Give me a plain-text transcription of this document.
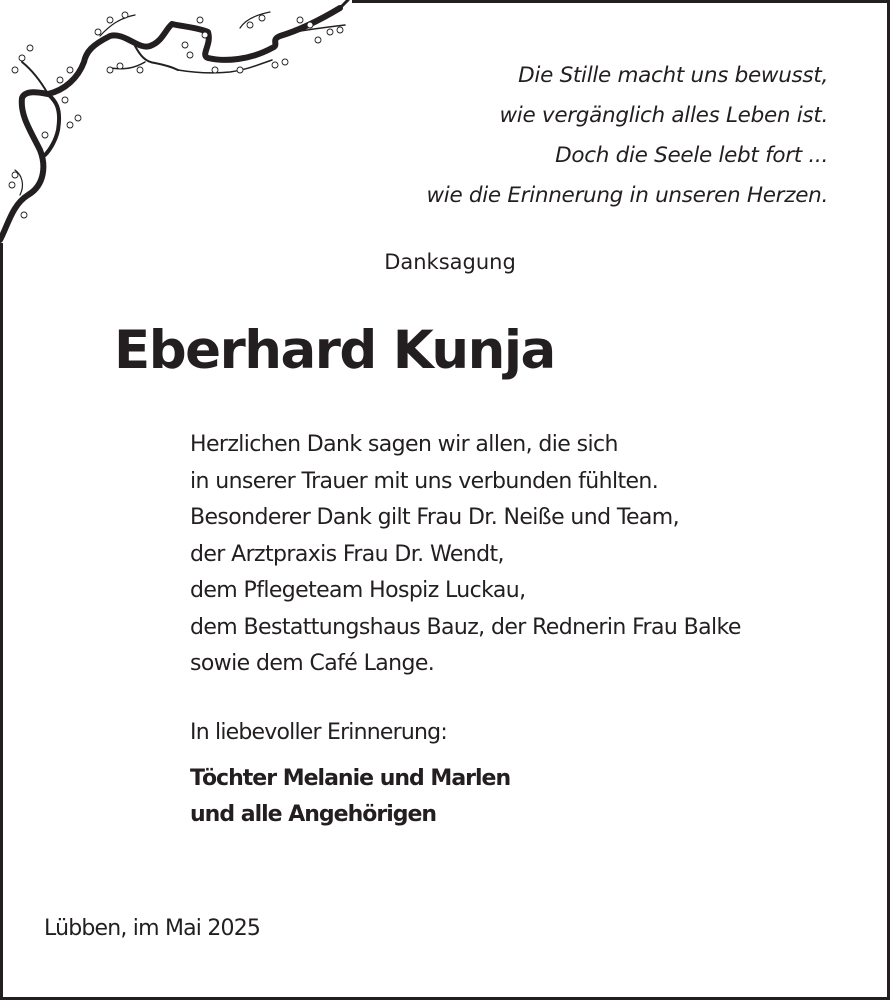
Die Stille macht uns bewusst,
wie vergänglich alles Leben ist.
Doch die Seele lebt fort ...
wie die Erinnerung in unseren Herzen.
Danksagung
Eberhard Kunja
Herzlichen Dank sagen wir allen, die sich
in unserer Trauer mit uns verbunden fühlten.
Besonderer Dank gilt Frau Dr. Neiße und Team,
der Arztpraxis Frau Dr. Wendt,
dem Pflegeteam Hospiz Luckau,
dem Bestattungshaus Bauz, der Rednerin Frau Balke
sowie dem Café Lange.
In liebevoller Erinnerung:
Töchter Melanie und Marlen
und alle Angehörigen
Lübben, im Mai 2025
